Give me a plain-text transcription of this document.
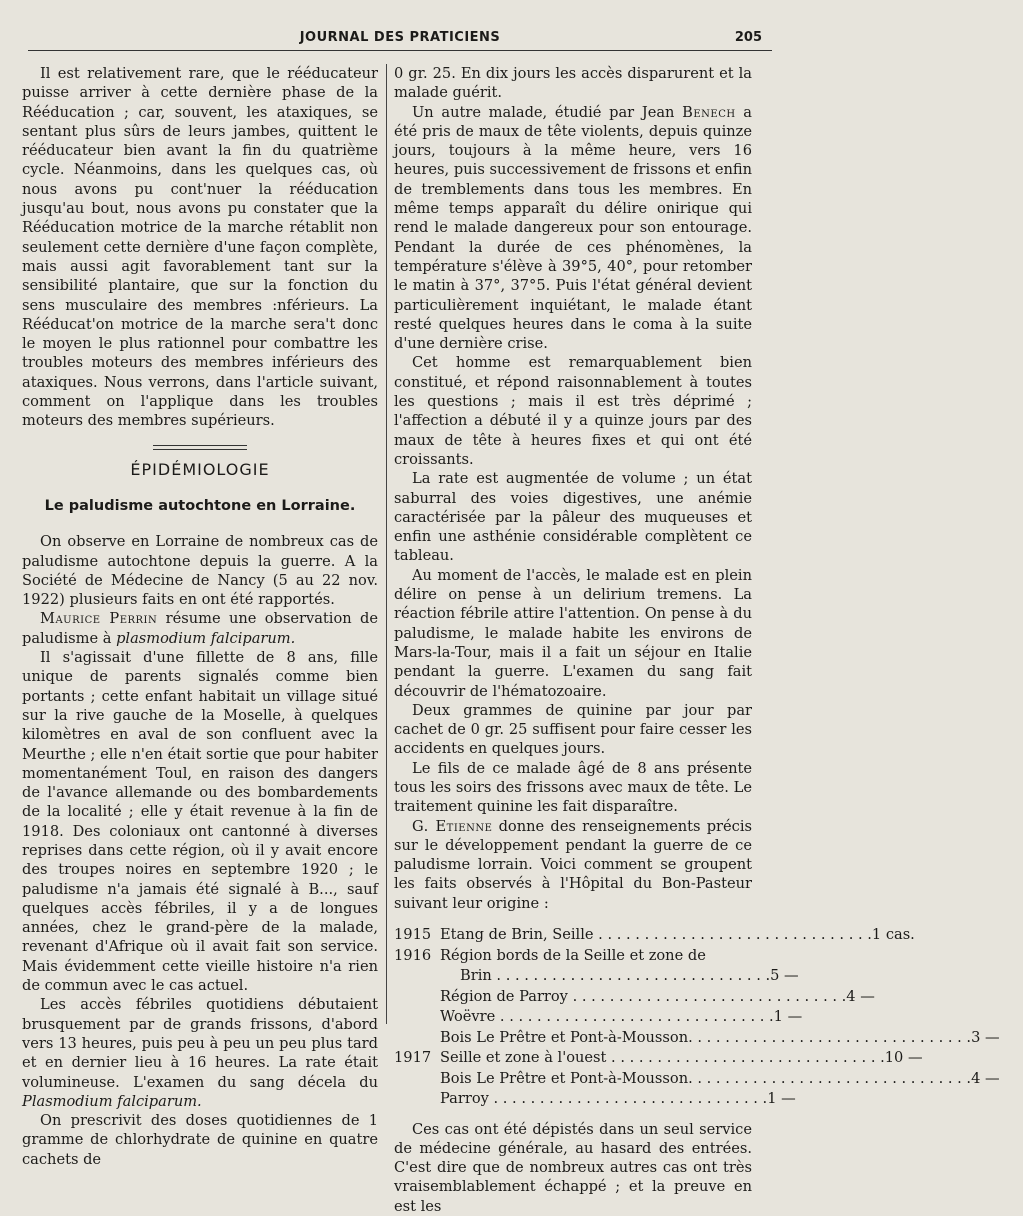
JOURNAL DES PRATICIENS	205

Il est relativement rare, que le rééducateur puisse arriver à cette dernière phase de la Rééducation ; car, souvent, les ataxiques, se sentant plus sûrs de leurs jambes, quittent le rééducateur bien avant la fin du quatrième cycle. Néanmoins, dans les quelques cas, où nous avons pu cont'nuer la rééducation jusqu'au bout, nous avons pu constater que la Rééducation motrice de la marche rétablit non seulement cette dernière d'une façon complète, mais aussi agit favorablement tant sur la sensibilité plantaire, que sur la fonction du sens musculaire des membres :nférieurs. La Rééducat'on motrice de la marche sera't donc le moyen le plus rationnel pour combattre les troubles moteurs des membres inférieurs des ataxiques. Nous verrons, dans l'article suivant, comment on l'applique dans les troubles moteurs des membres supérieurs.

ÉPIDÉMIOLOGIE
Le paludisme autochtone en Lorraine.

On observe en Lorraine de nombreux cas de paludisme autochtone depuis la guerre. A la Société de Médecine de Nancy (5 au 22 nov. 1922) plusieurs faits en ont été rapportés.

Maurice Perrin résume une observation de paludisme à plasmodium falciparum.

Il s'agissait d'une fillette de 8 ans, fille unique de parents signalés comme bien portants ; cette enfant habitait un village situé sur la rive gauche de la Moselle, à quelques kilomètres en aval de son confluent avec la Meurthe ; elle n'en était sortie que pour habiter momentanément Toul, en raison des dangers de l'avance allemande ou des bombardements de la localité ; elle y était revenue à la fin de 1918. Des coloniaux ont cantonné à diverses reprises dans cette région, où il y avait encore des troupes noires en septembre 1920 ; le paludisme n'a jamais été signalé à B..., sauf quelques accès fébriles, il y a de longues années, chez le grand-père de la malade, revenant d'Afrique où il avait fait son service. Mais évidemment cette vieille histoire n'a rien de commun avec le cas actuel.

Les accès fébriles quotidiens débutaient brusquement par de grands frissons, d'abord vers 13 heures, puis peu à peu un peu plus tard et en dernier lieu à 16 heures. La rate était volumineuse. L'examen du sang décela du Plasmodium falciparum.

On prescrivit des doses quotidiennes de 1 gramme de chlorhydrate de quinine en quatre cachets de

0 gr. 25. En dix jours les accès disparurent et la malade guérit.

Un autre malade, étudié par Jean Benech a été pris de maux de tête violents, depuis quinze jours, toujours à la même heure, vers 16 heures, puis successivement de frissons et enfin de tremblements dans tous les membres. En même temps apparaît du délire onirique qui rend le malade dangereux pour son entourage. Pendant la durée de ces phénomènes, la température s'élève à 39°5, 40°, pour retomber le matin à 37°, 37°5. Puis l'état général devient particulièrement inquiétant, le malade étant resté quelques heures dans le coma à la suite d'une dernière crise.

Cet homme est remarquablement bien constitué, et répond raisonnablement à toutes les questions ; mais il est très déprimé ; l'affection a débuté il y a quinze jours par des maux de tête à heures fixes et qui ont été croissants.

La rate est augmentée de volume ; un état saburral des voies digestives, une anémie caractérisée par la pâleur des muqueuses et enfin une asthénie considérable complètent ce tableau.

Au moment de l'accès, le malade est en plein délire on pense à un delirium tremens. La réaction fébrile attire l'attention. On pense à du paludisme, le malade habite les environs de Mars-la-Tour, mais il a fait un séjour en Italie pendant la guerre. L'examen du sang fait découvrir de l'hématozoaire.

Deux grammes de quinine par jour par cachet de 0 gr. 25 suffisent pour faire cesser les accidents en quelques jours.

Le fils de ce malade âgé de 8 ans présente tous les soirs des frissons avec maux de tête. Le traitement quinine les fait disparaître.

G. Etienne donne des renseignements précis sur le développement pendant la guerre de ce paludisme lorrain. Voici comment se groupent les faits observés à l'Hôpital du Bon-Pasteur suivant leur origine :

1915 Etang de Brin, Seille . . .	1 cas.
1916 Région bords de la Seille et zone de
Brin . . .	5 —
Région de Parroy . . .	4 —
Woëvre . . .	1 —
Bois Le Prêtre et Pont-à-Mousson. . . .	3 —
1917 Seille et zone à l'ouest . . .	10 —
Bois Le Prêtre et Pont-à-Mousson. . . .	4 —
Parroy . . .	1 —

Ces cas ont été dépistés dans un seul service de médecine générale, au hasard des entrées. C'est dire que de nombreux autres cas ont très vraisemblablement échappé ; et la preuve en est les
